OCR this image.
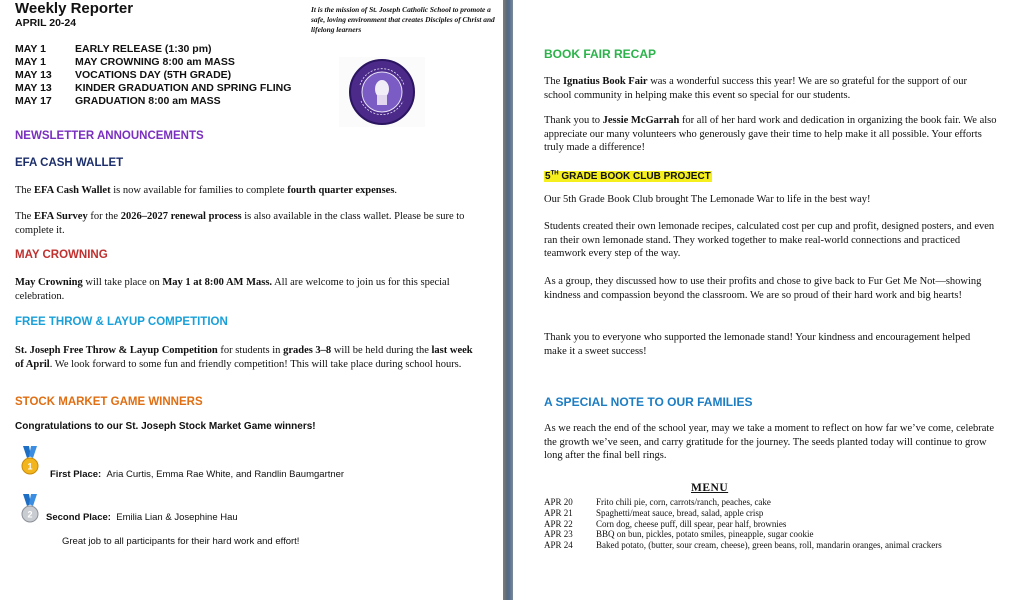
Weekly Reporter
APRIL 20-24
It is the mission of St. Joseph Catholic School to promote a safe, loving environment that creates Disciples of Christ and lifelong learners
MAY 1	EARLY RELEASE (1:30 pm)
MAY 1	MAY CROWNING 8:00 am MASS
MAY 13	VOCATIONS DAY (5TH GRADE)
MAY 13	KINDER GRADUATION AND SPRING FLING
MAY 17	GRADUATION 8:00 am MASS
NEWSLETTER ANNOUNCEMENTS
EFA CASH WALLET
The EFA Cash Wallet is now available for families to complete fourth quarter expenses.
The EFA Survey for the 2026–2027 renewal process is also available in the class wallet. Please be sure to complete it.
MAY CROWNING
May Crowning will take place on May 1 at 8:00 AM Mass. All are welcome to join us for this special celebration.
FREE THROW & LAYUP COMPETITION
St. Joseph Free Throw & Layup Competition for students in grades 3–8 will be held during the last week of April. We look forward to some fun and friendly competition! This will take place during school hours.
STOCK MARKET GAME WINNERS
Congratulations to our St. Joseph Stock Market Game winners!
1
First Place: Aria Curtis, Emma Rae White, and Randlin Baumgartner
2 Second Place: Emilia Lian & Josephine Hau
Great job to all participants for their hard work and effort!
BOOK FAIR RECAP
The Ignatius Book Fair was a wonderful success this year! We are so grateful for the support of our school community in helping make this event so special for our students.
Thank you to Jessie McGarrah for all of her hard work and dedication in organizing the book fair. We also appreciate our many volunteers who generously gave their time to help make it all possible. Your efforts truly made a difference!
5TH GRADE BOOK CLUB PROJECT
Our 5th Grade Book Club brought The Lemonade War to life in the best way!
Students created their own lemonade recipes, calculated cost per cup and profit, designed posters, and even ran their own lemonade stand. They worked together to make real-world connections and practiced teamwork every step of the way.
As a group, they discussed how to use their profits and chose to give back to Fur Get Me Not—showing kindness and compassion beyond the classroom. We are so proud of their hard work and big hearts!
Thank you to everyone who supported the lemonade stand! Your kindness and encouragement helped make it a sweet success!
A SPECIAL NOTE TO OUR FAMILIES
As we reach the end of the school year, may we take a moment to reflect on how far we’ve come, celebrate the growth we’ve seen, and carry gratitude for the journey. The seeds planted today will continue to grow long after the final bell rings.
MENU
APR 20	Frito chili pie, corn, carrots/ranch, peaches, cake
APR 21	Spaghetti/meat sauce, bread, salad, apple crisp
APR 22	Corn dog, cheese puff, dill spear, pear half, brownies
APR 23	BBQ on bun, pickles, potato smiles, pineapple, sugar cookie
APR 24	Baked potato, (butter, sour cream, cheese), green beans, roll, mandarin oranges, animal crackers
